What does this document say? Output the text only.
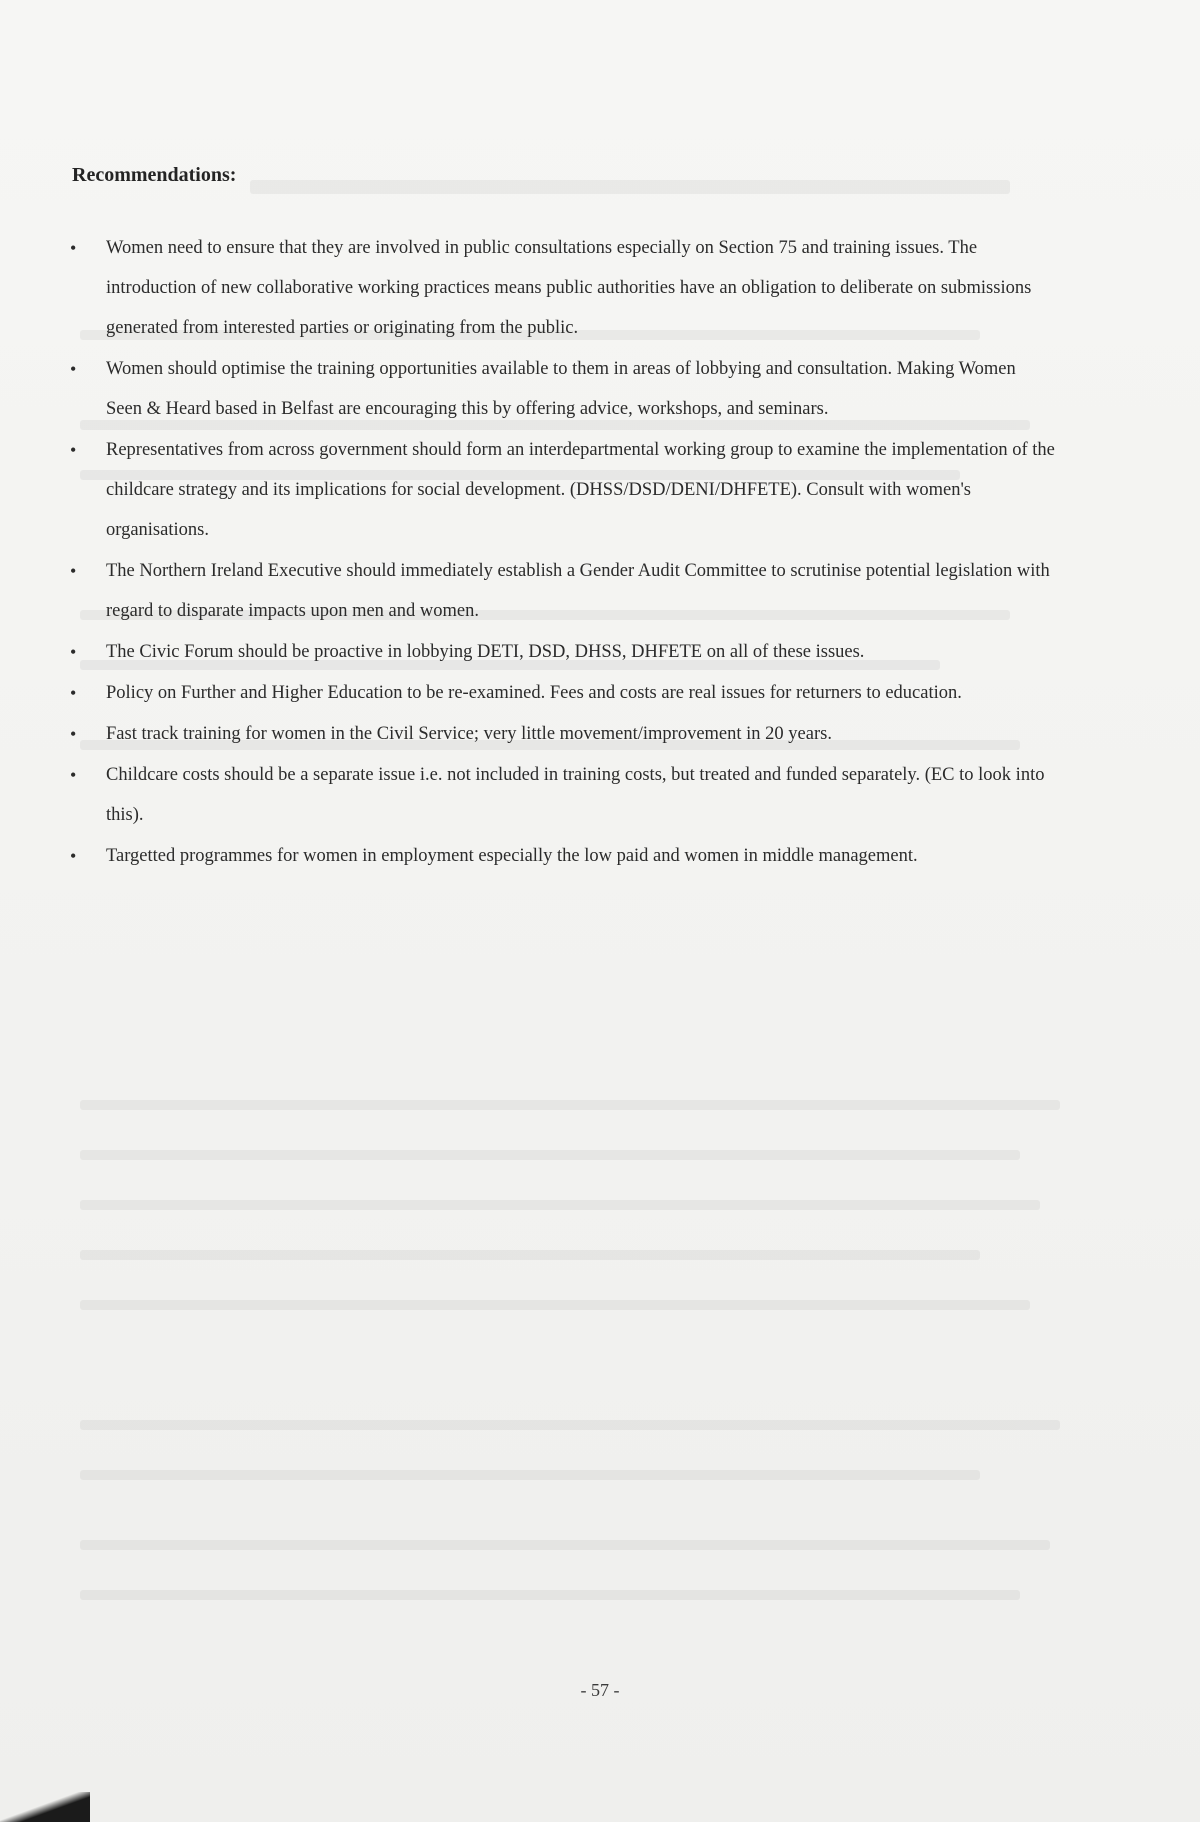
Recommendations:
• Women need to ensure that they are involved in public consultations especially on Section 75 and training issues. The introduction of new collaborative working practices means public authorities have an obligation to deliberate on submissions generated from interested parties or originating from the public.
• Women should optimise the training opportunities available to them in areas of lobbying and consultation. Making Women Seen & Heard based in Belfast are encouraging this by offering advice, workshops, and seminars.
• Representatives from across government should form an interdepartmental working group to examine the implementation of the childcare strategy and its implications for social development. (DHSS/DSD/DENI/DHFETE). Consult with women's organisations.
• The Northern Ireland Executive should immediately establish a Gender Audit Committee to scrutinise potential legislation with regard to disparate impacts upon men and women.
• The Civic Forum should be proactive in lobbying DETI, DSD, DHSS, DHFETE on all of these issues.
• Policy on Further and Higher Education to be re-examined. Fees and costs are real issues for returners to education.
• Fast track training for women in the Civil Service; very little movement/improvement in 20 years.
• Childcare costs should be a separate issue i.e. not included in training costs, but treated and funded separately. (EC to look into this).
• Targetted programmes for women in employment especially the low paid and women in middle management.
- 57 -
